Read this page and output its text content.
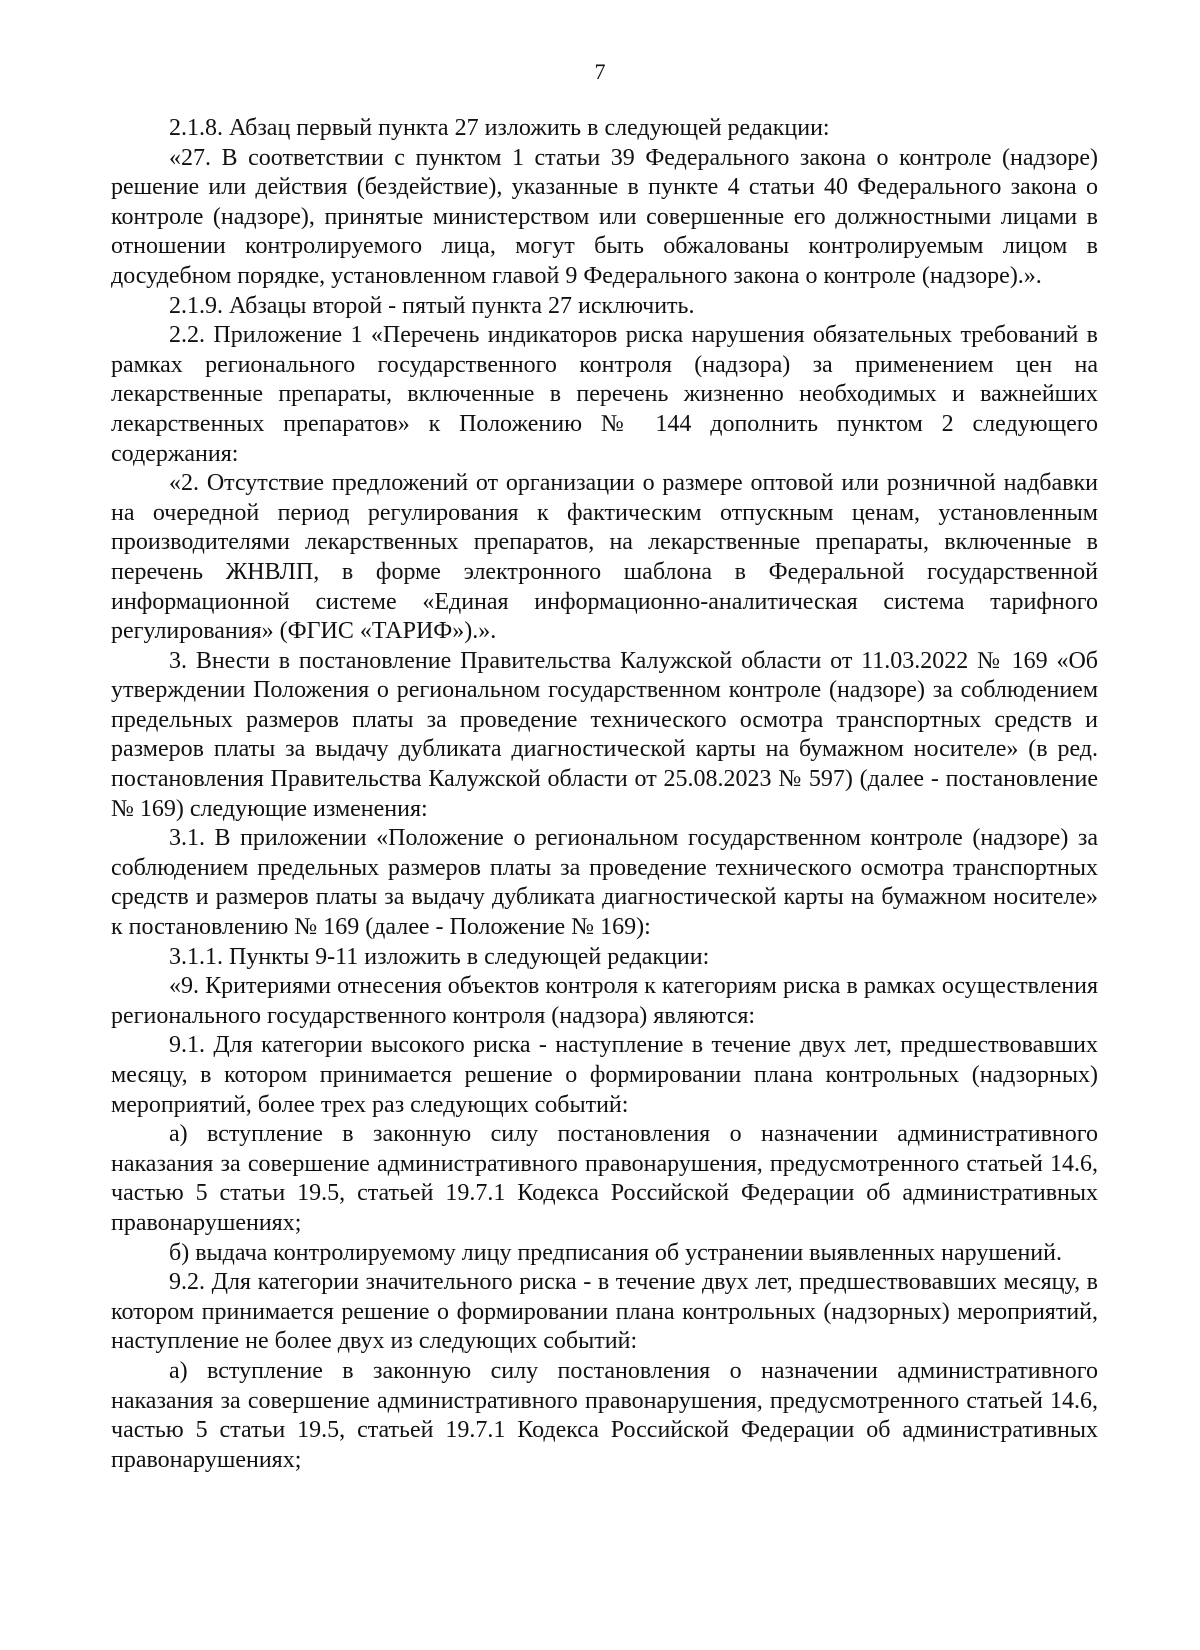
7

2.1.8. Абзац первый пункта 27 изложить в следующей редакции:

«27. В соответствии с пунктом 1 статьи 39 Федерального закона о контроле (надзоре) решение или действия (бездействие), указанные в пункте 4 статьи 40 Федерального закона о контроле (надзоре), принятые министерством или совершенные его должностными лицами в отношении контролируемого лица, могут быть обжалованы контролируемым лицом в досудебном порядке, установленном главой 9 Федерального закона о контроле (надзоре).».

2.1.9. Абзацы второй - пятый пункта 27 исключить.

2.2. Приложение 1 «Перечень индикаторов риска нарушения обязательных требований в рамках регионального государственного контроля (надзора) за применением цен на лекарственные препараты, включенные в перечень жизненно необходимых и важнейших лекарственных препаратов» к Положению № 144 дополнить пунктом 2 следующего содержания:

«2. Отсутствие предложений от организации о размере оптовой или розничной надбавки на очередной период регулирования к фактическим отпускным ценам, установленным производителями лекарственных препаратов, на лекарственные препараты, включенные в перечень ЖНВЛП, в форме электронного шаблона в Федеральной государственной информационной системе «Единая информационно-аналитическая система тарифного регулирования» (ФГИС «ТАРИФ»).».

3. Внести в постановление Правительства Калужской области от 11.03.2022 № 169 «Об утверждении Положения о региональном государственном контроле (надзоре) за соблюдением предельных размеров платы за проведение технического осмотра транспортных средств и размеров платы за выдачу дубликата диагностической карты на бумажном носителе» (в ред. постановления Правительства Калужской области от 25.08.2023 № 597) (далее - постановление № 169) следующие изменения:

3.1. В приложении «Положение о региональном государственном контроле (надзоре) за соблюдением предельных размеров платы за проведение технического осмотра транспортных средств и размеров платы за выдачу дубликата диагностической карты на бумажном носителе» к постановлению № 169 (далее - Положение № 169):

3.1.1. Пункты 9-11 изложить в следующей редакции:

«9. Критериями отнесения объектов контроля к категориям риска в рамках осуществления регионального государственного контроля (надзора) являются:

9.1. Для категории высокого риска - наступление в течение двух лет, предшествовавших месяцу, в котором принимается решение о формировании плана контрольных (надзорных) мероприятий, более трех раз следующих событий:

а) вступление в законную силу постановления о назначении административного наказания за совершение административного правонарушения, предусмотренного статьей 14.6, частью 5 статьи 19.5, статьей 19.7.1 Кодекса Российской Федерации об административных правонарушениях;

б) выдача контролируемому лицу предписания об устранении выявленных нарушений.

9.2. Для категории значительного риска - в течение двух лет, предшествовавших месяцу, в котором принимается решение о формировании плана контрольных (надзорных) мероприятий, наступление не более двух из следующих событий:

а) вступление в законную силу постановления о назначении административного наказания за совершение административного правонарушения, предусмотренного статьей 14.6, частью 5 статьи 19.5, статьей 19.7.1 Кодекса Российской Федерации об административных правонарушениях;
